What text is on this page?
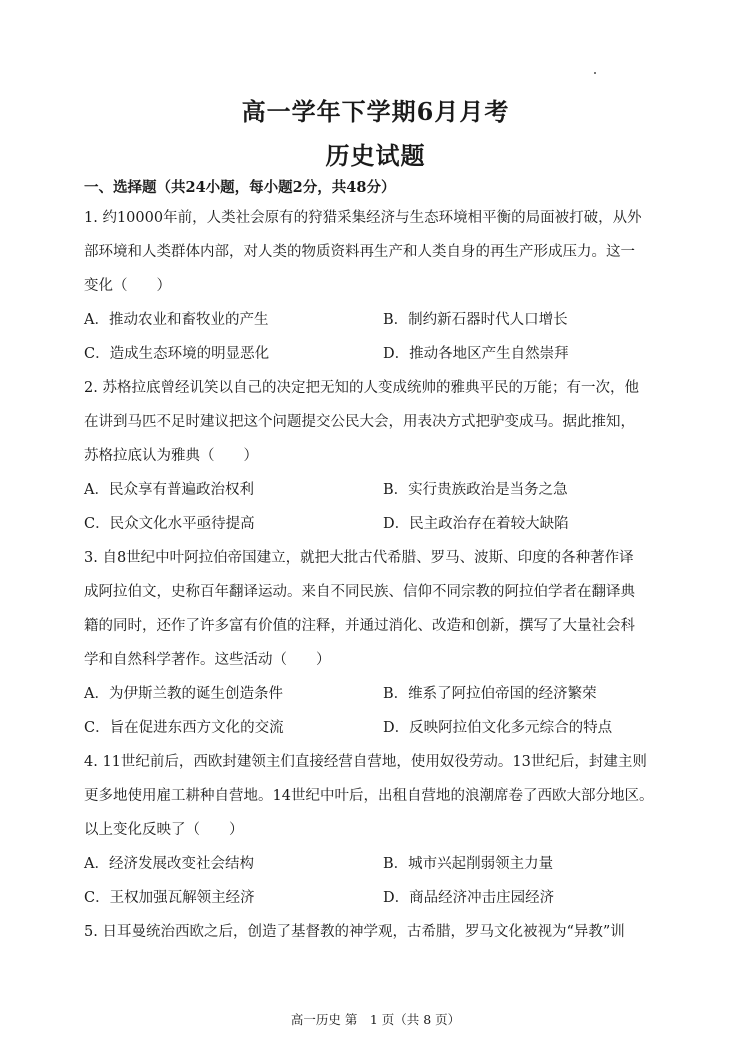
高一学年下学期6月月考
历史试题
一、选择题（共24小题，每小题2分，共48分）
1. 约10000年前，人类社会原有的狩猎采集经济与生态环境相平衡的局面被打破，从外
部环境和人类群体内部，对人类的物质资料再生产和人类自身的再生产形成压力。这一
变化（　　）
A．推动农业和畜牧业的产生	B．制约新石器时代人口增长
C．造成生态环境的明显恶化	D．推动各地区产生自然崇拜
2. 苏格拉底曾经讥笑以自己的决定把无知的人变成统帅的雅典平民的万能；有一次，他
在讲到马匹不足时建议把这个问题提交公民大会，用表决方式把驴变成马。据此推知，
苏格拉底认为雅典（　　）
A．民众享有普遍政治权利	B．实行贵族政治是当务之急
C．民众文化水平亟待提高	D．民主政治存在着较大缺陷
3. 自8世纪中叶阿拉伯帝国建立，就把大批古代希腊、罗马、波斯、印度的各种著作译
成阿拉伯文，史称百年翻译运动。来自不同民族、信仰不同宗教的阿拉伯学者在翻译典
籍的同时，还作了许多富有价值的注释，并通过消化、改造和创新，撰写了大量社会科
学和自然科学著作。这些活动（　　）
A．为伊斯兰教的诞生创造条件	B．维系了阿拉伯帝国的经济繁荣
C．旨在促进东西方文化的交流	D．反映阿拉伯文化多元综合的特点
4. 11世纪前后，西欧封建领主们直接经营自营地，使用奴役劳动。13世纪后，封建主则
更多地使用雇工耕种自营地。14世纪中叶后，出租自营地的浪潮席卷了西欧大部分地区。
以上变化反映了（　　）
A．经济发展改变社会结构	B．城市兴起削弱领主力量
C．王权加强瓦解领主经济	D．商品经济冲击庄园经济
5. 日耳曼统治西欧之后，创造了基督教的神学观，古希腊，罗马文化被视为“异教”训
高一历史 第　1 页（共 8 页）
